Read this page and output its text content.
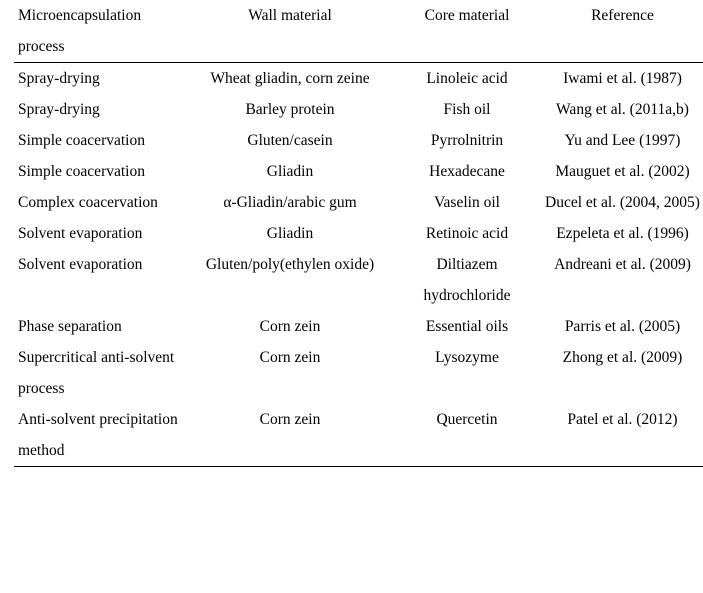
Microencapsulation process	Wall material	Core material	Reference
Spray-drying	Wheat gliadin, corn zeine	Linoleic acid	Iwami et al. (1987)
Spray-drying	Barley protein	Fish oil	Wang et al. (2011a,b)
Simple coacervation	Gluten/casein	Pyrrolnitrin	Yu and Lee (1997)
Simple coacervation	Gliadin	Hexadecane	Mauguet et al. (2002)
Complex coacervation	α-Gliadin/arabic gum	Vaselin oil	Ducel et al. (2004, 2005)
Solvent evaporation	Gliadin	Retinoic acid	Ezpeleta et al. (1996)
Solvent evaporation	Gluten/poly(ethylen oxide)	Diltiazem hydrochloride	Andreani et al. (2009)
Phase separation	Corn zein	Essential oils	Parris et al. (2005)
Supercritical anti-solvent process	Corn zein	Lysozyme	Zhong et al. (2009)
Anti-solvent precipitation method	Corn zein	Quercetin	Patel et al. (2012)
